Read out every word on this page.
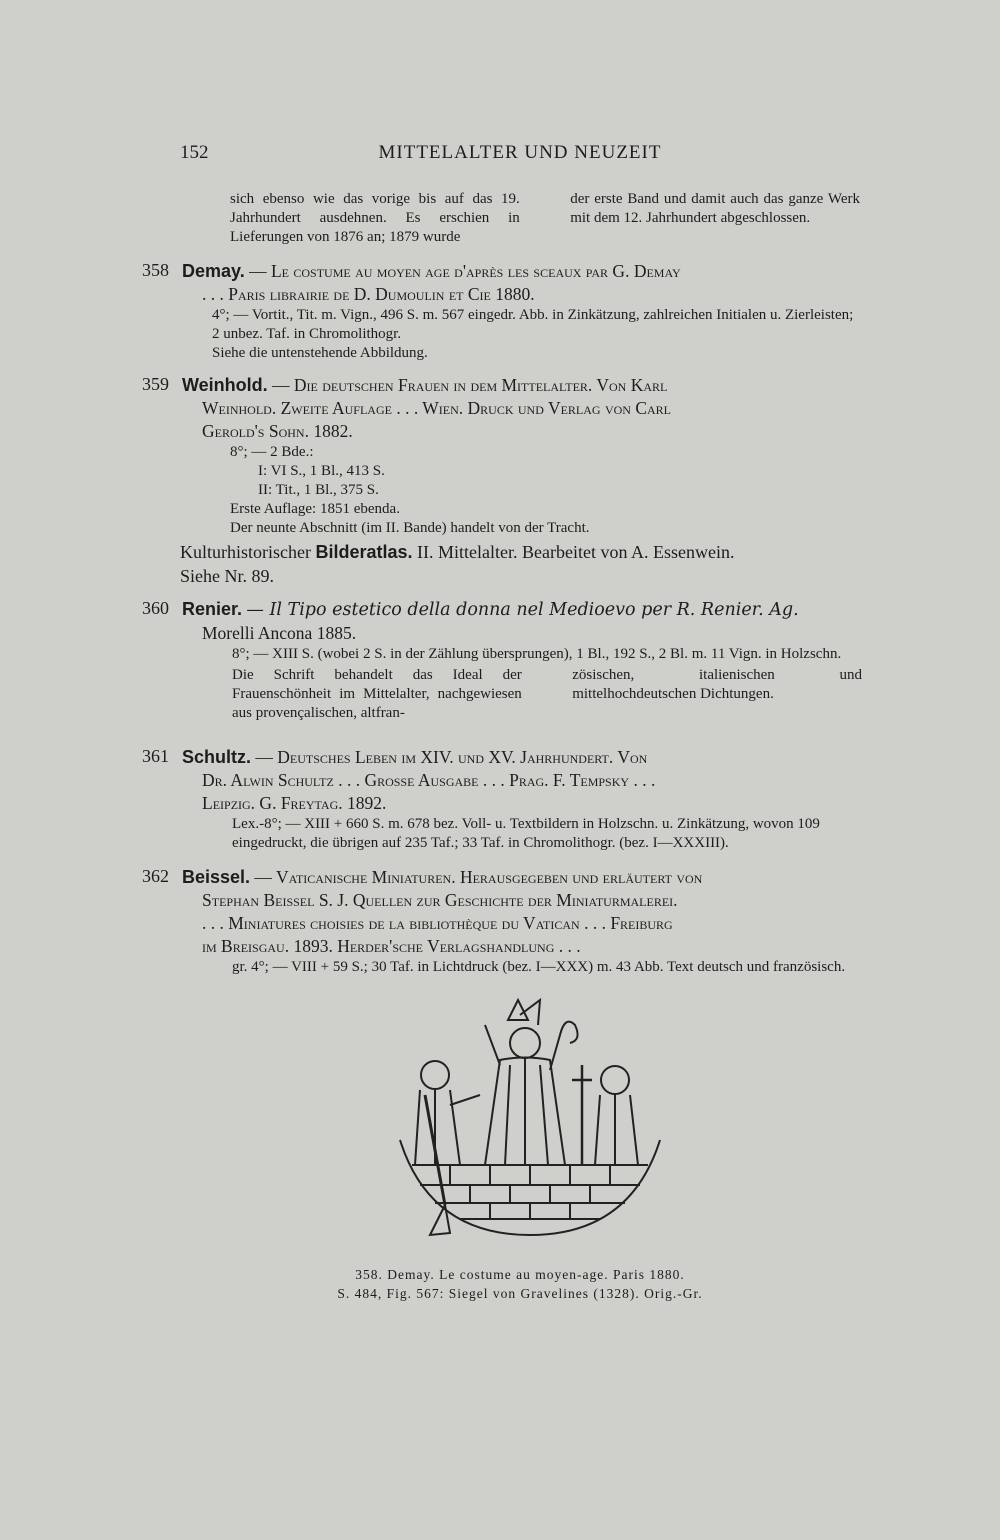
152	MITTELALTER UND NEUZEIT
sich ebenso wie das vorige bis auf das 19. Jahrhundert ausdehnen. Es erschien in Lieferungen von 1876 an; 1879 wurde
der erste Band und damit auch das ganze Werk mit dem 12. Jahrhundert abgeschlossen.
358 Demay. — Le costume au moyen age d'après les sceaux par G. Demay
. . . Paris librairie de D. Dumoulin et Cie 1880.
4°; — Vortit., Tit. m. Vign., 496 S. m. 567 eingedr. Abb. in Zinkätzung, zahlreichen Initialen u. Zierleisten; 2 unbez. Taf. in Chromolithogr.
Siehe die untenstehende Abbildung.
359 Weinhold. — Die deutschen Frauen in dem Mittelalter. Von Karl
Weinhold. Zweite Auflage . . . Wien. Druck und Verlag von Carl
Gerold's Sohn. 1882.
8°; — 2 Bde.:
I: VI S., 1 Bl., 413 S.
II: Tit., 1 Bl., 375 S.
Erste Auflage: 1851 ebenda.
Der neunte Abschnitt (im II. Bande) handelt von der Tracht.
Kulturhistorischer Bilderatlas. II. Mittelalter. Bearbeitet von A. Essenwein.
Siehe Nr. 89.
360 Renier. — Il Tipo estetico della donna nel Medioevo per R. Renier. Ag.
Morelli Ancona 1885.
8°; — XIII S. (wobei 2 S. in der Zählung übersprungen), 1 Bl., 192 S., 2 Bl. m. 11 Vign. in Holzschn.
Die Schrift behandelt das Ideal der Frauenschönheit im Mittelalter, nachgewiesen aus provençalischen, altfran-
zösischen, italienischen und mittelhochdeutschen Dichtungen.
361 Schultz. — Deutsches Leben im XIV. und XV. Jahrhundert. Von
Dr. Alwin Schultz . . . Grosse Ausgabe . . . Prag. F. Tempsky . . .
Leipzig. G. Freytag. 1892.
Lex.-8°; — XIII + 660 S. m. 678 bez. Voll- u. Textbildern in Holzschn. u. Zinkätzung, wovon 109 eingedruckt, die übrigen auf 235 Taf.; 33 Taf. in Chromolithogr. (bez. I—XXXIII).
362 Beissel. — Vaticanische Miniaturen. Herausgegeben und erläutert von
Stephan Beissel S. J. Quellen zur Geschichte der Miniaturmalerei.
. . . Miniatures choisies de la bibliothèque du Vatican . . . Freiburg
im Breisgau. 1893. Herder'sche Verlagshandlung . . .
gr. 4°; — VIII + 59 S.; 30 Taf. in Lichtdruck (bez. I—XXX) m. 43 Abb. Text deutsch und französisch.
358. Demay. Le costume au moyen-age. Paris 1880.
S. 484, Fig. 567: Siegel von Gravelines (1328). Orig.-Gr.
